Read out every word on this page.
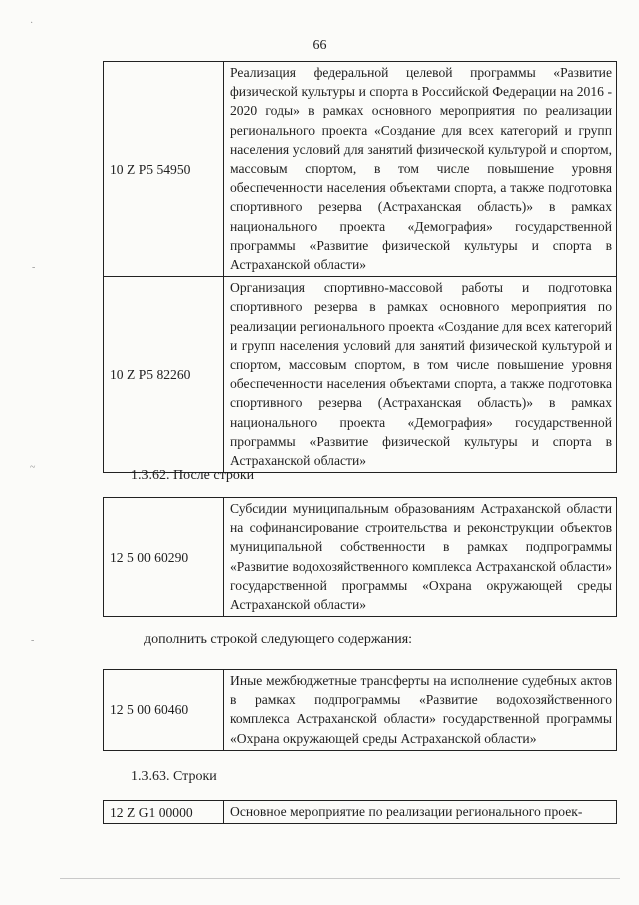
66
10 Z P5 54950	Реализация федеральной целевой программы «Развитие физической культуры и спорта в Российской Федерации на 2016 - 2020 годы» в рамках основного мероприятия по реализации регионального проекта «Создание для всех категорий и групп населения условий для занятий физической культурой и спортом, массовым спортом, в том числе повышение уровня обеспеченности населения объектами спорта, а также подготовка спортивного резерва (Астраханская область)» в рамках национального проекта «Демография» государственной программы «Развитие физической культуры и спорта в Астраханской области»
10 Z P5 82260	Организация спортивно-массовой работы и подготовка спортивного резерва в рамках основного мероприятия по реализации регионального проекта «Создание для всех категорий и групп населения условий для занятий физической культурой и спортом, массовым спортом, в том числе повышение уровня обеспеченности населения объектами спорта, а также подготовка спортивного резерва (Астраханская область)» в рамках национального проекта «Демография» государственной программы «Развитие физической культуры и спорта в Астраханской области»
1.3.62. После строки
12 5 00 60290	Субсидии муниципальным образованиям Астраханской области на софинансирование строительства и реконструкции объектов муниципальной собственности в рамках подпрограммы «Развитие водохозяйственного комплекса Астраханской области» государственной программы «Охрана окружающей среды Астраханской области»
дополнить строкой следующего содержания:
12 5 00 60460	Иные межбюджетные трансферты на исполнение судебных актов в рамках подпрограммы «Развитие водохозяйственного комплекса Астраханской области» государственной программы «Охрана окружающей среды Астраханской области»
1.3.63. Строки
12 Z G1 00000	Основное мероприятие по реализации регионального проек-
·
-
~
-
